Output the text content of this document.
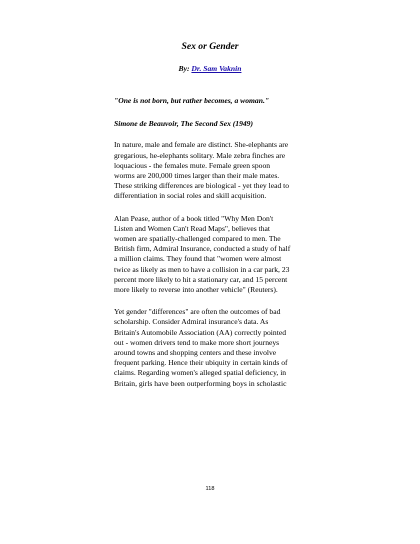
Sex or Gender
By: Dr. Sam Vaknin
"One is not born, but rather becomes, a woman."
Simone de Beauvoir, The Second Sex (1949)
In nature, male and female are distinct. She-elephants are
gregarious, he-elephants solitary. Male zebra finches are
loquacious - the females mute. Female green spoon
worms are 200,000 times larger than their male mates.
These striking differences are biological - yet they lead to
differentiation in social roles and skill acquisition.
Alan Pease, author of a book titled "Why Men Don't
Listen and Women Can't Read Maps", believes that
women are spatially-challenged compared to men. The
British firm, Admiral Insurance, conducted a study of half
a million claims. They found that "women were almost
twice as likely as men to have a collision in a car park, 23
percent more likely to hit a stationary car, and 15 percent
more likely to reverse into another vehicle" (Reuters).
Yet gender "differences" are often the outcomes of bad
scholarship. Consider Admiral insurance's data. As
Britain's Automobile Association (AA) correctly pointed
out - women drivers tend to make more short journeys
around towns and shopping centers and these involve
frequent parking. Hence their ubiquity in certain kinds of
claims. Regarding women's alleged spatial deficiency, in
Britain, girls have been outperforming boys in scholastic
118
